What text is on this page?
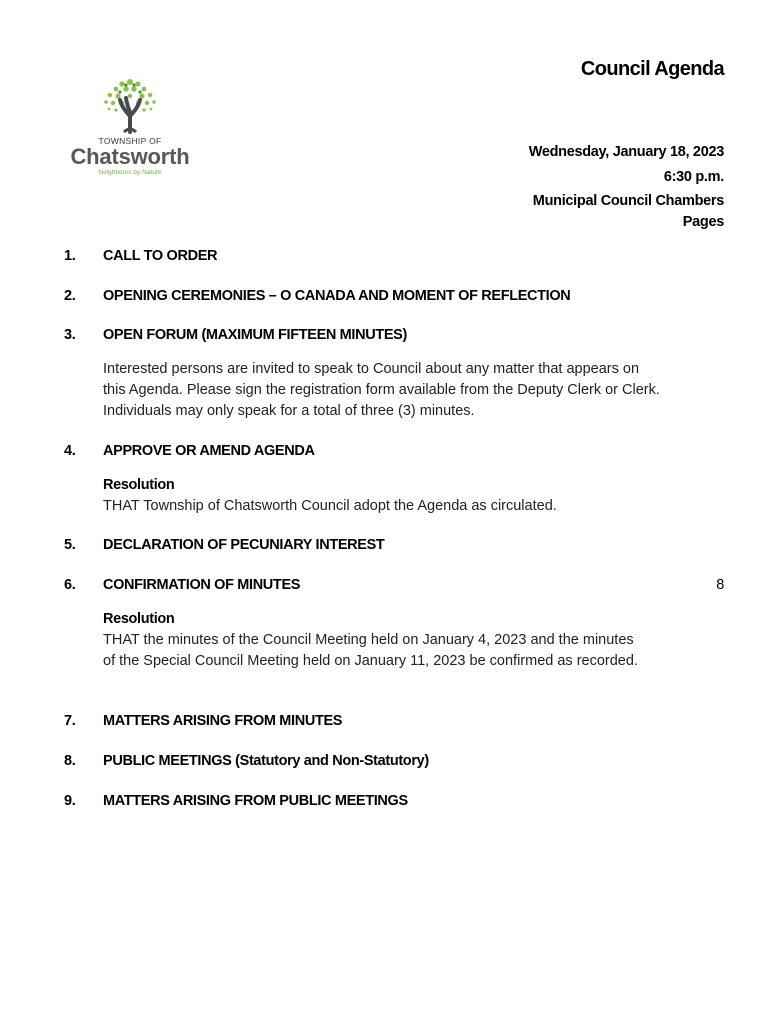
TOWNSHIP OF
Chatsworth
Neighbours by Nature
Council Agenda
Wednesday, January 18, 2023
6:30 p.m.
Municipal Council Chambers
Pages
1. CALL TO ORDER
2. OPENING CEREMONIES – O CANADA AND MOMENT OF REFLECTION
3. OPEN FORUM (MAXIMUM FIFTEEN MINUTES)
Interested persons are invited to speak to Council about any matter that appears on this Agenda. Please sign the registration form available from the Deputy Clerk or Clerk. Individuals may only speak for a total of three (3) minutes.
4. APPROVE OR AMEND AGENDA
Resolution
THAT Township of Chatsworth Council adopt the Agenda as circulated.
5. DECLARATION OF PECUNIARY INTEREST
6. CONFIRMATION OF MINUTES	8
Resolution
THAT the minutes of the Council Meeting held on January 4, 2023 and the minutes of the Special Council Meeting held on January 11, 2023 be confirmed as recorded.
7. MATTERS ARISING FROM MINUTES
8. PUBLIC MEETINGS (Statutory and Non-Statutory)
9. MATTERS ARISING FROM PUBLIC MEETINGS
